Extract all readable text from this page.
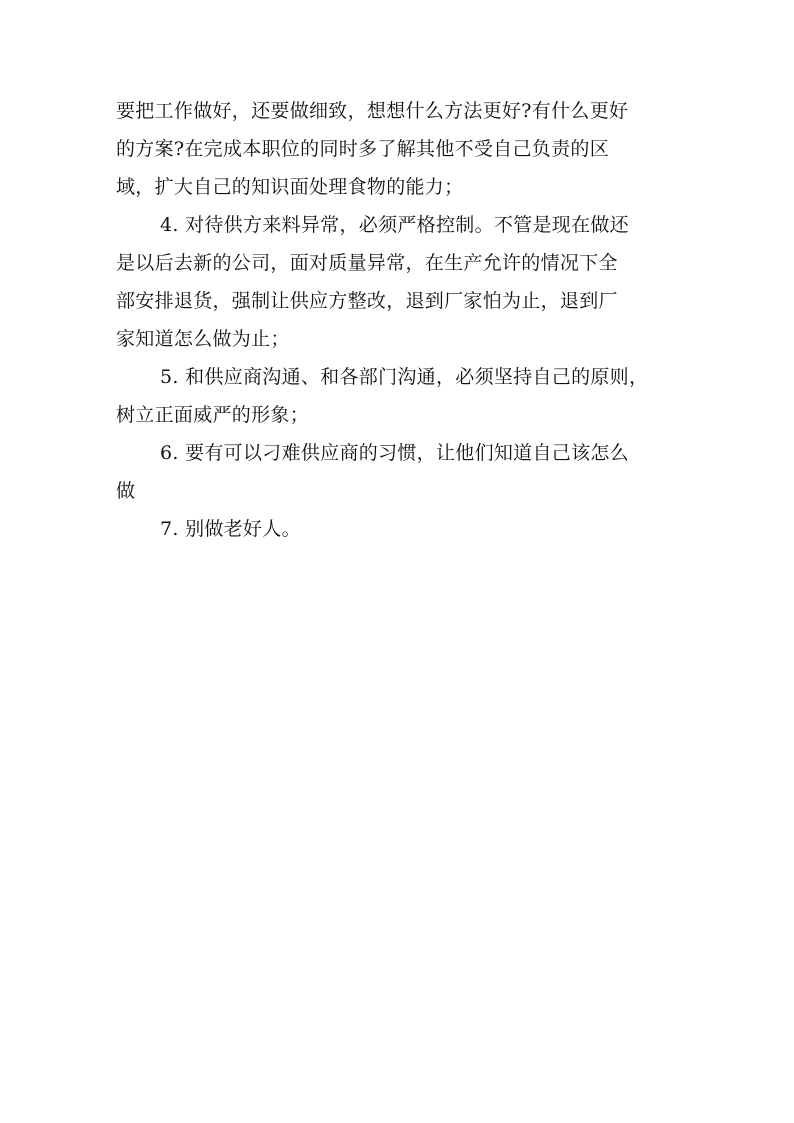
要把工作做好，还要做细致，想想什么方法更好?有什么更好
的方案?在完成本职位的同时多了解其他不受自己负责的区
域，扩大自己的知识面处理食物的能力；
4. 对待供方来料异常，必须严格控制。不管是现在做还
是以后去新的公司，面对质量异常，在生产允许的情况下全
部安排退货，强制让供应方整改，退到厂家怕为止，退到厂
家知道怎么做为止；
5. 和供应商沟通、和各部门沟通，必须坚持自己的原则，
树立正面威严的形象；
6. 要有可以刁难供应商的习惯，让他们知道自己该怎么
做
7. 别做老好人。
